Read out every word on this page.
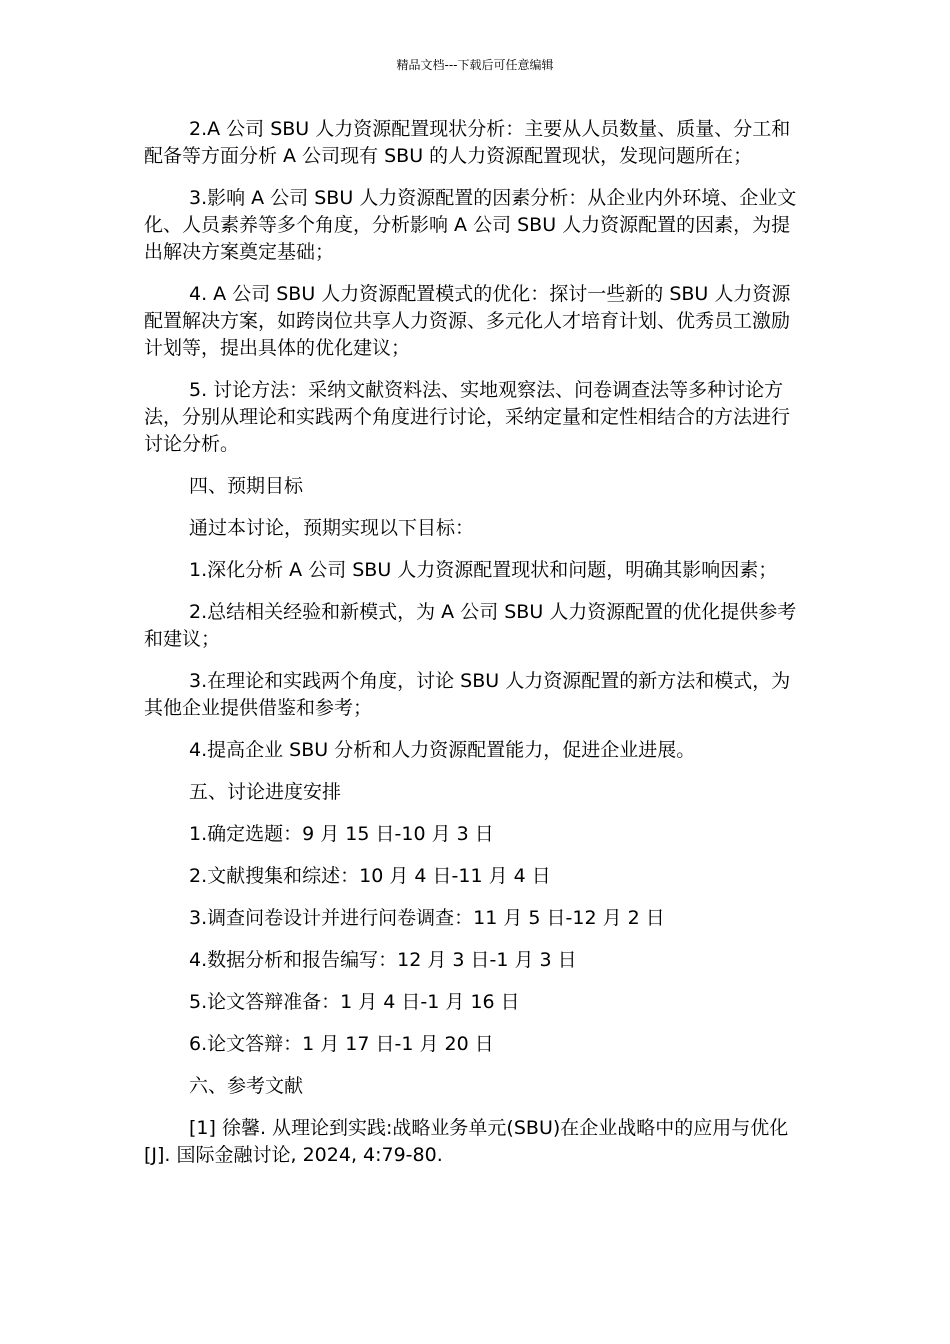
精品文档---下载后可任意编辑

2.A 公司 SBU 人力资源配置现状分析：主要从人员数量、质量、分工和配备等方面分析 A 公司现有 SBU 的人力资源配置现状，发现问题所在；

3.影响 A 公司 SBU 人力资源配置的因素分析：从企业内外环境、企业文化、人员素养等多个角度，分析影响 A 公司 SBU 人力资源配置的因素，为提出解决方案奠定基础；

4. A 公司 SBU 人力资源配置模式的优化：探讨一些新的 SBU 人力资源配置解决方案，如跨岗位共享人力资源、多元化人才培育计划、优秀员工激励计划等，提出具体的优化建议；

5. 讨论方法：采纳文献资料法、实地观察法、问卷调查法等多种讨论方法，分别从理论和实践两个角度进行讨论，采纳定量和定性相结合的方法进行讨论分析。

四、预期目标

通过本讨论，预期实现以下目标：

1.深化分析 A 公司 SBU 人力资源配置现状和问题，明确其影响因素；

2.总结相关经验和新模式，为 A 公司 SBU 人力资源配置的优化提供参考和建议；

3.在理论和实践两个角度，讨论 SBU 人力资源配置的新方法和模式，为其他企业提供借鉴和参考；

4.提高企业 SBU 分析和人力资源配置能力，促进企业进展。

五、讨论进度安排

1.确定选题：9 月 15 日-10 月 3 日

2.文献搜集和综述：10 月 4 日-11 月 4 日

3.调查问卷设计并进行问卷调查：11 月 5 日-12 月 2 日

4.数据分析和报告编写：12 月 3 日-1 月 3 日

5.论文答辩准备：1 月 4 日-1 月 16 日

6.论文答辩：1 月 17 日-1 月 20 日

六、参考文献

[1] 徐馨. 从理论到实践:战略业务单元(SBU)在企业战略中的应用与优化[J]. 国际金融讨论, 2024, 4:79-80.
